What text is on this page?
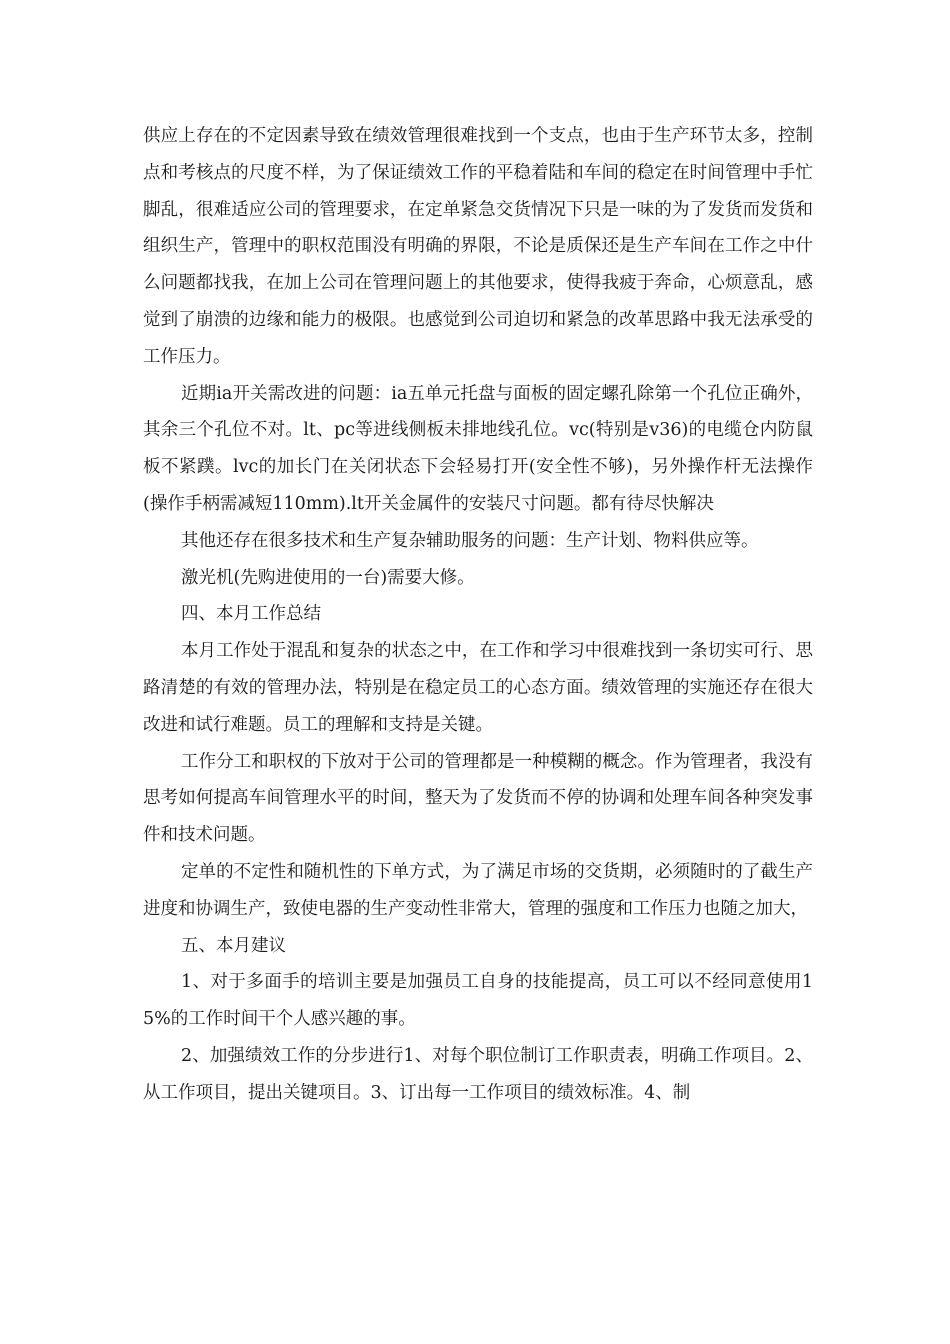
供应上存在的不定因素导致在绩效管理很难找到一个支点，也由于生产环节太多，控制点和考核点的尺度不样，为了保证绩效工作的平稳着陆和车间的稳定在时间管理中手忙脚乱，很难适应公司的管理要求，在定单紧急交货情况下只是一味的为了发货而发货和组织生产，管理中的职权范围没有明确的界限，不论是质保还是生产车间在工作之中什么问题都找我，在加上公司在管理问题上的其他要求，使得我疲于奔命，心烦意乱，感觉到了崩溃的边缘和能力的极限。也感觉到公司迫切和紧急的改革思路中我无法承受的工作压力。

近期ia开关需改进的问题：ia五单元托盘与面板的固定螺孔除第一个孔位正确外，其余三个孔位不对。lt、pc等进线侧板未排地线孔位。vc(特别是v36)的电缆仓内防鼠板不紧蹼。lvc的加长门在关闭状态下会轻易打开(安全性不够)，另外操作杆无法操作(操作手柄需减短110mm).lt开关金属件的安装尺寸问题。都有待尽快解决

其他还存在很多技术和生产复杂辅助服务的问题：生产计划、物料供应等。

激光机(先购进使用的一台)需要大修。

四、本月工作总结

本月工作处于混乱和复杂的状态之中，在工作和学习中很难找到一条切实可行、思路清楚的有效的管理办法，特别是在稳定员工的心态方面。绩效管理的实施还存在很大改进和试行难题。员工的理解和支持是关键。

工作分工和职权的下放对于公司的管理都是一种模糊的概念。作为管理者，我没有思考如何提高车间管理水平的时间，整天为了发货而不停的协调和处理车间各种突发事件和技术问题。

定单的不定性和随机性的下单方式，为了满足市场的交货期，必须随时的了截生产进度和协调生产，致使电器的生产变动性非常大，管理的强度和工作压力也随之加大，

五、本月建议

1、对于多面手的培训主要是加强员工自身的技能提高，员工可以不经同意使用15%的工作时间干个人感兴趣的事。

2、加强绩效工作的分步进行1、对每个职位制订工作职责表，明确工作项目。2、从工作项目，提出关键项目。3、订出每一工作项目的绩效标准。4、制
